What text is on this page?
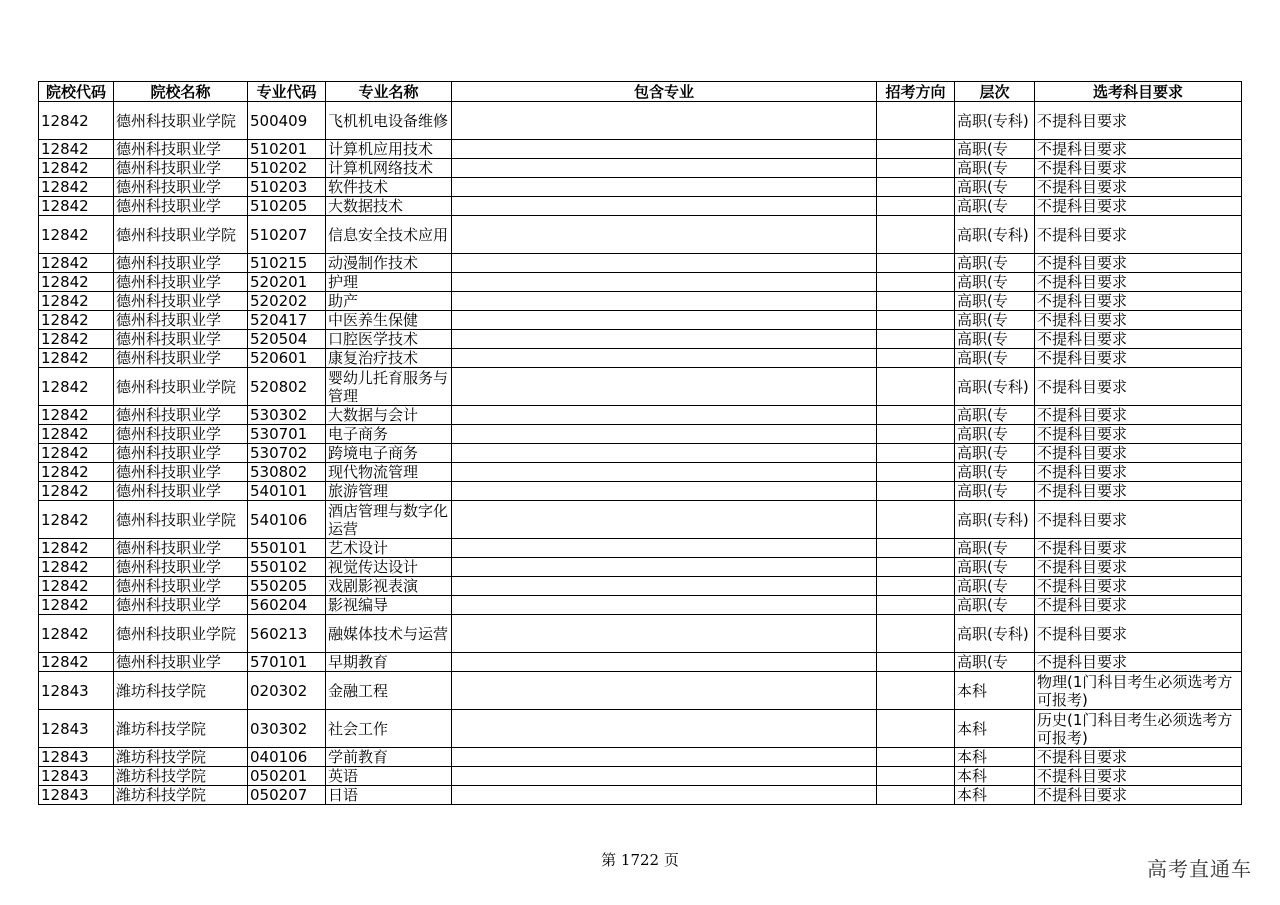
院校代码	院校名称	专业代码	专业名称	包含专业	招考方向	层次	选考科目要求
12842	德州科技职业学院	500409	飞机机电设备维修			高职(专科)	不提科目要求
12842	德州科技职业学	510201	计算机应用技术			高职(专	不提科目要求
12842	德州科技职业学	510202	计算机网络技术			高职(专	不提科目要求
12842	德州科技职业学	510203	软件技术			高职(专	不提科目要求
12842	德州科技职业学	510205	大数据技术			高职(专	不提科目要求
12842	德州科技职业学院	510207	信息安全技术应用			高职(专科)	不提科目要求
12842	德州科技职业学	510215	动漫制作技术			高职(专	不提科目要求
12842	德州科技职业学	520201	护理			高职(专	不提科目要求
12842	德州科技职业学	520202	助产			高职(专	不提科目要求
12842	德州科技职业学	520417	中医养生保健			高职(专	不提科目要求
12842	德州科技职业学	520504	口腔医学技术			高职(专	不提科目要求
12842	德州科技职业学	520601	康复治疗技术			高职(专	不提科目要求
12842	德州科技职业学院	520802	婴幼儿托育服务与管理			高职(专科)	不提科目要求
12842	德州科技职业学	530302	大数据与会计			高职(专	不提科目要求
12842	德州科技职业学	530701	电子商务			高职(专	不提科目要求
12842	德州科技职业学	530702	跨境电子商务			高职(专	不提科目要求
12842	德州科技职业学	530802	现代物流管理			高职(专	不提科目要求
12842	德州科技职业学	540101	旅游管理			高职(专	不提科目要求
12842	德州科技职业学院	540106	酒店管理与数字化运营			高职(专科)	不提科目要求
12842	德州科技职业学	550101	艺术设计			高职(专	不提科目要求
12842	德州科技职业学	550102	视觉传达设计			高职(专	不提科目要求
12842	德州科技职业学	550205	戏剧影视表演			高职(专	不提科目要求
12842	德州科技职业学	560204	影视编导			高职(专	不提科目要求
12842	德州科技职业学院	560213	融媒体技术与运营			高职(专科)	不提科目要求
12842	德州科技职业学	570101	早期教育			高职(专	不提科目要求
12843	潍坊科技学院	020302	金融工程			本科	物理(1门科目考生必须选考方可报考)
12843	潍坊科技学院	030302	社会工作			本科	历史(1门科目考生必须选考方可报考)
12843	潍坊科技学院	040106	学前教育			本科	不提科目要求
12843	潍坊科技学院	050201	英语			本科	不提科目要求
12843	潍坊科技学院	050207	日语			本科	不提科目要求
第 1722 页	高考直通车
